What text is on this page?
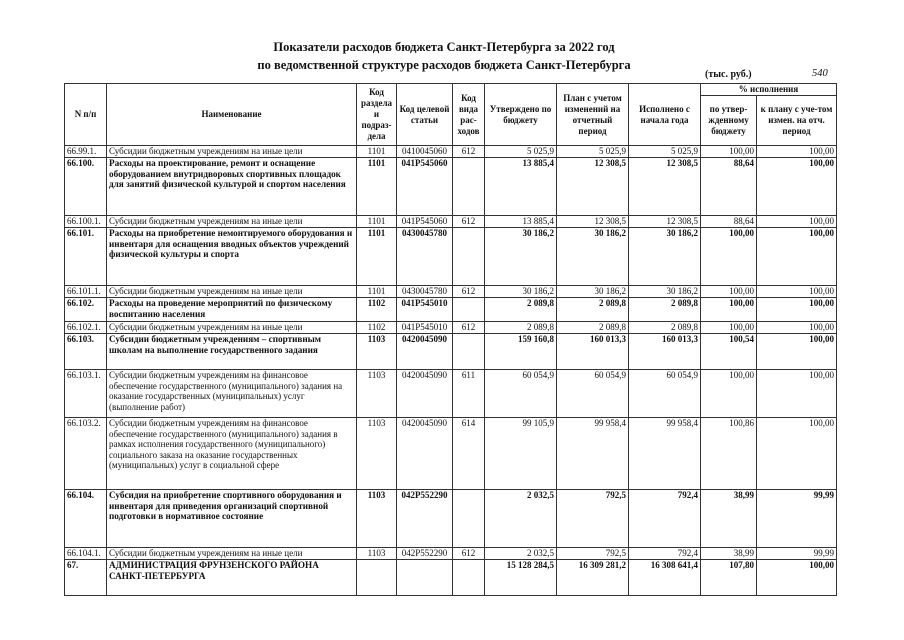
Показатели расходов бюджета Санкт-Петербурга за 2022 год
по ведомственной структуре расходов бюджета Санкт-Петербурга
(тыс. руб.)	540
N п/п	Наименование	Код раздела и подраз-дела	Код целевой статьи	Код вида рас-ходов	Утверждено по бюджету	План с учетом изменений на отчетный период	Исполнено с начала года	% исполнения	
								по утвер-жденному бюджету	к плану с уче-том измен. на отч. период
66.99.1.	Субсидии бюджетным учреждениям на иные цели	1101	0410045060	612	5 025,9	5 025,9	5 025,9	100,00	100,00
66.100.	Расходы на проектирование, ремонт и оснащение оборудованием внутридворовых спортивных площадок для занятий физической культурой и спортом населения	1101	041P545060		13 885,4	12 308,5	12 308,5	88,64	100,00
66.100.1.	Субсидии бюджетным учреждениям на иные цели	1101	041P545060	612	13 885,4	12 308,5	12 308,5	88,64	100,00
66.101.	Расходы на приобретение немонтируемого оборудования и инвентаря для оснащения вводных объектов учреждений физической культуры и спорта	1101	0430045780		30 186,2	30 186,2	30 186,2	100,00	100,00
66.101.1.	Субсидии бюджетным учреждениям на иные цели	1101	0430045780	612	30 186,2	30 186,2	30 186,2	100,00	100,00
66.102.	Расходы на проведение мероприятий по физическому воспитанию населения	1102	041P545010		2 089,8	2 089,8	2 089,8	100,00	100,00
66.102.1.	Субсидии бюджетным учреждениям на иные цели	1102	041P545010	612	2 089,8	2 089,8	2 089,8	100,00	100,00
66.103.	Субсидии бюджетным учреждениям – спортивным школам на выполнение государственного задания	1103	0420045090		159 160,8	160 013,3	160 013,3	100,54	100,00
66.103.1.	Субсидии бюджетным учреждениям на финансовое обеспечение государственного (муниципального) задания на оказание государственных (муниципальных) услуг (выполнение работ)	1103	0420045090	611	60 054,9	60 054,9	60 054,9	100,00	100,00
66.103.2.	Субсидии бюджетным учреждениям на финансовое обеспечение государственного (муниципального) задания в рамках исполнения государственного (муниципального) социального заказа на оказание государственных (муниципальных) услуг в социальной сфере	1103	0420045090	614	99 105,9	99 958,4	99 958,4	100,86	100,00
66.104.	Субсидия на приобретение спортивного оборудования и инвентаря для приведения организаций спортивной подготовки в нормативное состояние	1103	042P552290		2 032,5	792,5	792,4	38,99	99,99
66.104.1.	Субсидии бюджетным учреждениям на иные цели	1103	042P552290	612	2 032,5	792,5	792,4	38,99	99,99
67.	АДМИНИСТРАЦИЯ ФРУНЗЕНСКОГО РАЙОНА САНКТ-ПЕТЕРБУРГА				15 128 284,5	16 309 281,2	16 308 641,4	107,80	100,00
